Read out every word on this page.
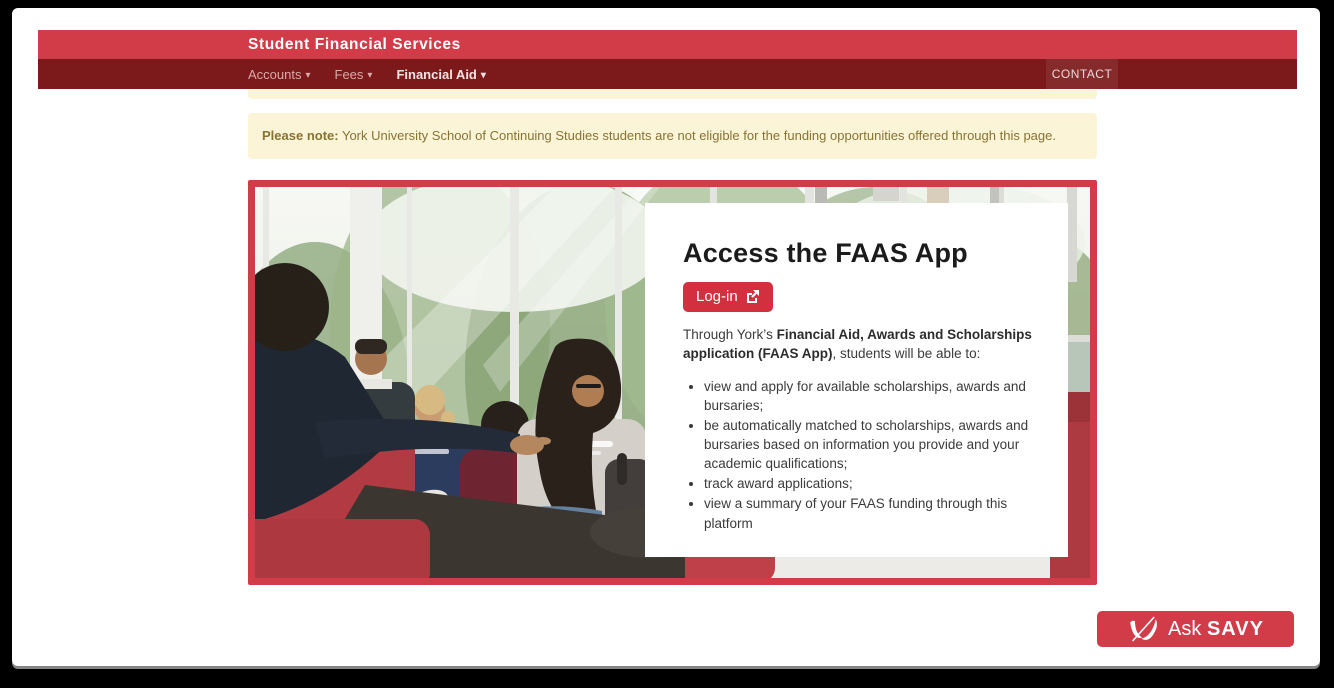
Student Financial Services
Accounts ▾ Fees ▾ Financial Aid ▾	CONTACT
Please note: York University School of Continuing Studies students are not eligible for the funding opportunities offered through this page.
Access the FAAS App
Log-in

Through York’s Financial Aid, Awards and Scholarships application (FAAS App), students will be able to:

• view and apply for available scholarships, awards and bursaries;
• be automatically matched to scholarships, awards and bursaries based on information you provide and your academic qualifications;
• track award applications;
• view a summary of your FAAS funding through this platform
Ask SAVY
